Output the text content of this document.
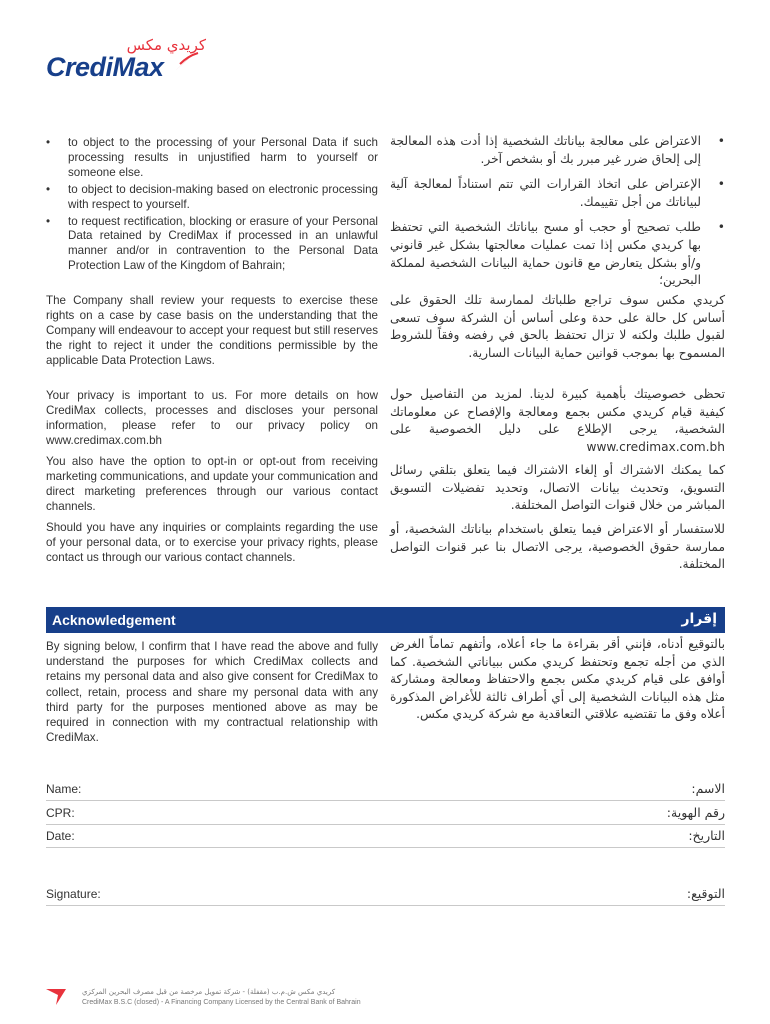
كريدي مكس
CrediMax
• to object to the processing of your Personal Data if such processing results in unjustified harm to yourself or someone else.
• to object to decision-making based on electronic processing with respect to yourself.
• to request rectification, blocking or erasure of your Personal Data retained by CrediMax if processed in an unlawful manner and/or in contravention to the Personal Data Protection Law of the Kingdom of Bahrain;

The Company shall review your requests to exercise these rights on a case by case basis on the understanding that the Company will endeavour to accept your request but still reserves the right to reject it under the conditions permissible by the applicable Data Protection Laws.

Your privacy is important to us. For more details on how CrediMax collects, processes and discloses your personal information, please refer to our privacy policy on www.credimax.com.bh

You also have the option to opt-in or opt-out from receiving marketing communications, and update your communication and direct marketing preferences through our various contact channels.

Should you have any inquiries or complaints regarding the use of your personal data, or to exercise your privacy rights, please contact us through our various contact channels.

• الاعتراض على معالجة بياناتك الشخصية إذا أدت هذه المعالجة إلى إلحاق ضرر غير مبرر بك أو بشخص آخر.
• الإعتراض على اتخاذ القرارات التي تتم استناداً لمعالجة آلية لبياناتك من أجل تقييمك.
• طلب تصحيح أو حجب أو مسح بياناتك الشخصية التي تحتفظ بها كريدي مكس إذا تمت عمليات معالجتها بشكل غير قانوني و/أو بشكل يتعارض مع قانون حماية البيانات الشخصية لمملكة البحرين؛

كريدي مكس سوف تراجع طلباتك لممارسة تلك الحقوق على أساس كل حالة على حدة وعلى أساس أن الشركة سوف تسعى لقبول طلبك ولكنه لا تزال تحتفظ بالحق في رفضه وفقاً للشروط المسموح بها بموجب قوانين حماية البيانات السارية.

تحظى خصوصيتك بأهمية كبيرة لدينا. لمزيد من التفاصيل حول كيفية قيام كريدي مكس بجمع ومعالجة والإفصاح عن معلوماتك الشخصية، يرجى الإطلاع على دليل الخصوصية على www.credimax.com.bh

كما يمكنك الاشتراك أو إلغاء الاشتراك فيما يتعلق بتلقي رسائل التسويق، وتحديث بيانات الاتصال، وتحديد تفضيلات التسويق المباشر من خلال قنوات التواصل المختلفة.

للاستفسار أو الاعتراض فيما يتعلق باستخدام بياناتك الشخصية، أو ممارسة حقوق الخصوصية، يرجى الاتصال بنا عبر قنوات التواصل المختلفة.

Acknowledgement	إقرار

By signing below, I confirm that I have read the above and fully understand the purposes for which CrediMax collects and retains my personal data and also give consent for CrediMax to collect, retain, process and share my personal data with any third party for the purposes mentioned above as may be required in connection with my contractual relationship with CrediMax.

بالتوقيع أدناه، فإنني أقر بقراءة ما جاء أعلاه، وأتفهم تماماً الغرض الذي من أجله تجمع وتحتفظ كريدي مكس ببياناتي الشخصية. كما أوافق على قيام كريدي مكس بجمع والاحتفاظ ومعالجة ومشاركة مثل هذه البيانات الشخصية إلى أي أطراف ثالثة للأغراض المذكورة أعلاه وفق ما تقتضيه علاقتي التعاقدية مع شركة كريدي مكس.

Name:	الاسم:
CPR:	رقم الهوية:
Date:	التاريخ:
Signature:	التوقيع:
كريدي مكس ش.م.ب (مقفلة) - شركة تمويل مرخصة من قبل مصرف البحرين المركزي
CrediMax B.S.C (closed) - A Financing Company Licensed by the Central Bank of Bahrain
